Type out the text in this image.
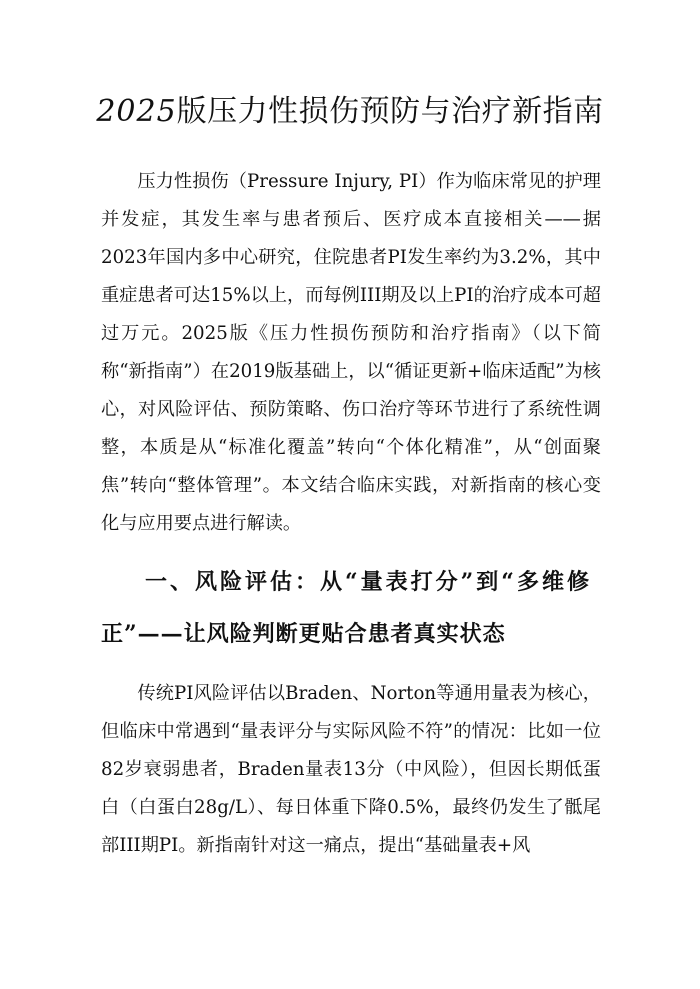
2025版压力性损伤预防与治疗新指南

压力性损伤（Pressure Injury, PI）作为临床常见的护理并发症，其发生率与患者预后、医疗成本直接相关——据2023年国内多中心研究，住院患者PI发生率约为3.2%，其中重症患者可达15%以上，而每例III期及以上PI的治疗成本可超过万元。2025版《压力性损伤预防和治疗指南》（以下简称“新指南”）在2019版基础上，以“循证更新+临床适配”为核心，对风险评估、预防策略、伤口治疗等环节进行了系统性调整，本质是从“标准化覆盖”转向“个体化精准”，从“创面聚焦”转向“整体管理”。本文结合临床实践，对新指南的核心变化与应用要点进行解读。

一、风险评估：从“量表打分”到“多维修
正”——让风险判断更贴合患者真实状态

传统PI风险评估以Braden、Norton等通用量表为核心，但临床中常遇到“量表评分与实际风险不符”的情况：比如一位82岁衰弱患者，Braden量表13分（中风险），但因长期低蛋白（白蛋白28g/L）、每日体重下降0.5%，最终仍发生了骶尾部III期PI。新指南针对这一痛点，提出“基础量表+风
